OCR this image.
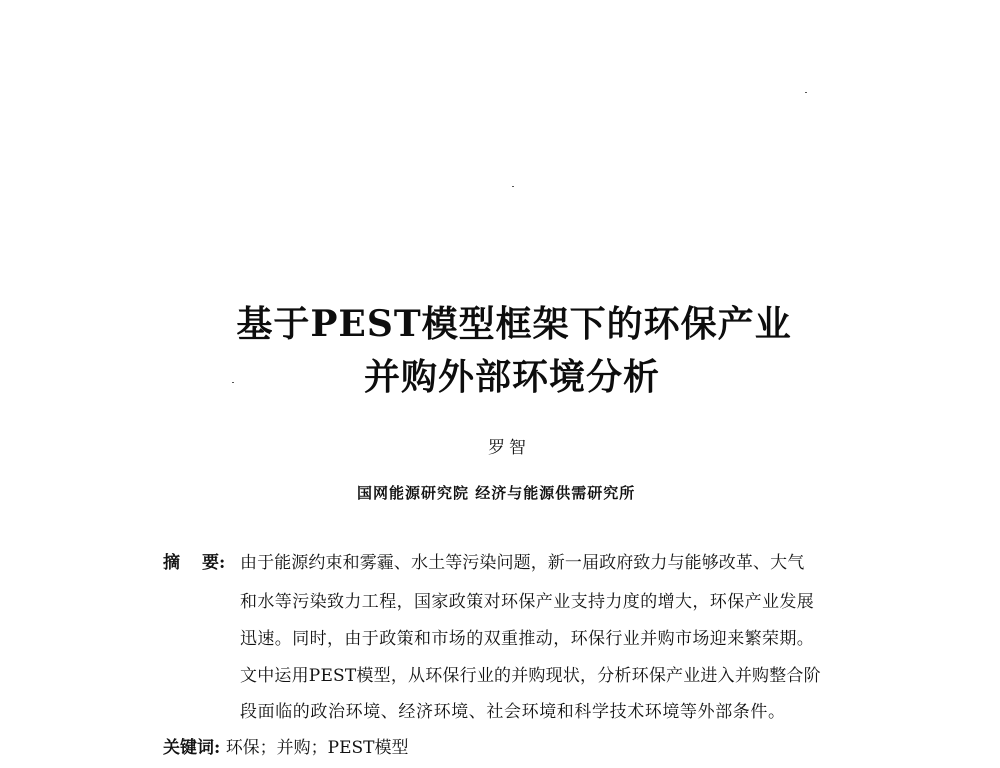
基于PEST模型框架下的环保产业
并购外部环境分析
罗智
国网能源研究院 经济与能源供需研究所
摘 要: 由于能源约束和雾霾、水土等污染问题，新一届政府致力与能够改革、大气
和水等污染致力工程，国家政策对环保产业支持力度的增大，环保产业发展
迅速。同时，由于政策和市场的双重推动，环保行业并购市场迎来繁荣期。
文中运用PEST模型，从环保行业的并购现状，分析环保产业进入并购整合阶
段面临的政治环境、经济环境、社会环境和科学技术环境等外部条件。
关键词: 环保；并购；PEST模型
